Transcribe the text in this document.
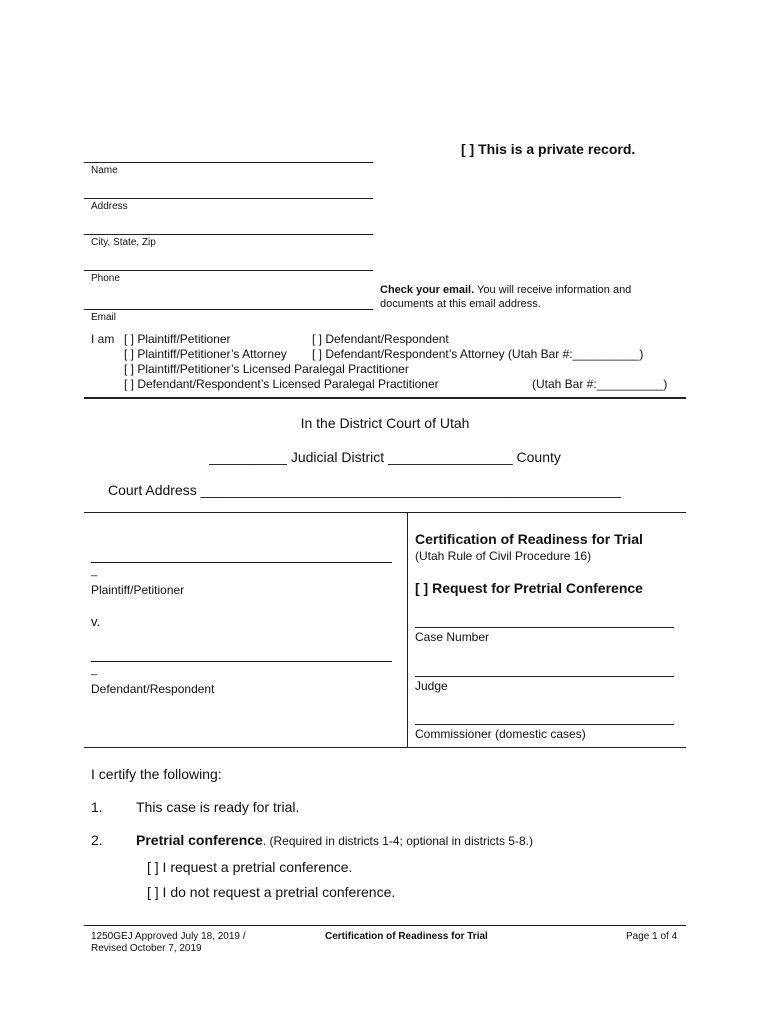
[ ] This is a private record.
Name
Address
City, State, Zip
Phone
Check your email. You will receive information and
documents at this email address.
Email
I am [ ] Plaintiff/Petitioner	[ ] Defendant/Respondent
[ ] Plaintiff/Petitioner’s Attorney [ ] Defendant/Respondent’s Attorney (Utah Bar #:__________)
[ ] Plaintiff/Petitioner’s Licensed Paralegal Practitioner
[ ] Defendant/Respondent’s Licensed Paralegal Practitioner	(Utah Bar #:__________)
In the District Court of Utah
__________ Judicial District ________________ County
Court Address ______________________________________________________
_
Plaintiff/Petitioner
v.
_
Defendant/Respondent
Certification of Readiness for Trial
(Utah Rule of Civil Procedure 16)
[ ] Request for Pretrial Conference
Case Number
Judge
Commissioner (domestic cases)
I certify the following:
1. This case is ready for trial.
2. Pretrial conference. (Required in districts 1-4; optional in districts 5-8.)
[ ] I request a pretrial conference.
[ ] I do not request a pretrial conference.
1250GEJ Approved July 18, 2019 /
Revised October 7, 2019
Certification of Readiness for Trial	Page 1 of 4
